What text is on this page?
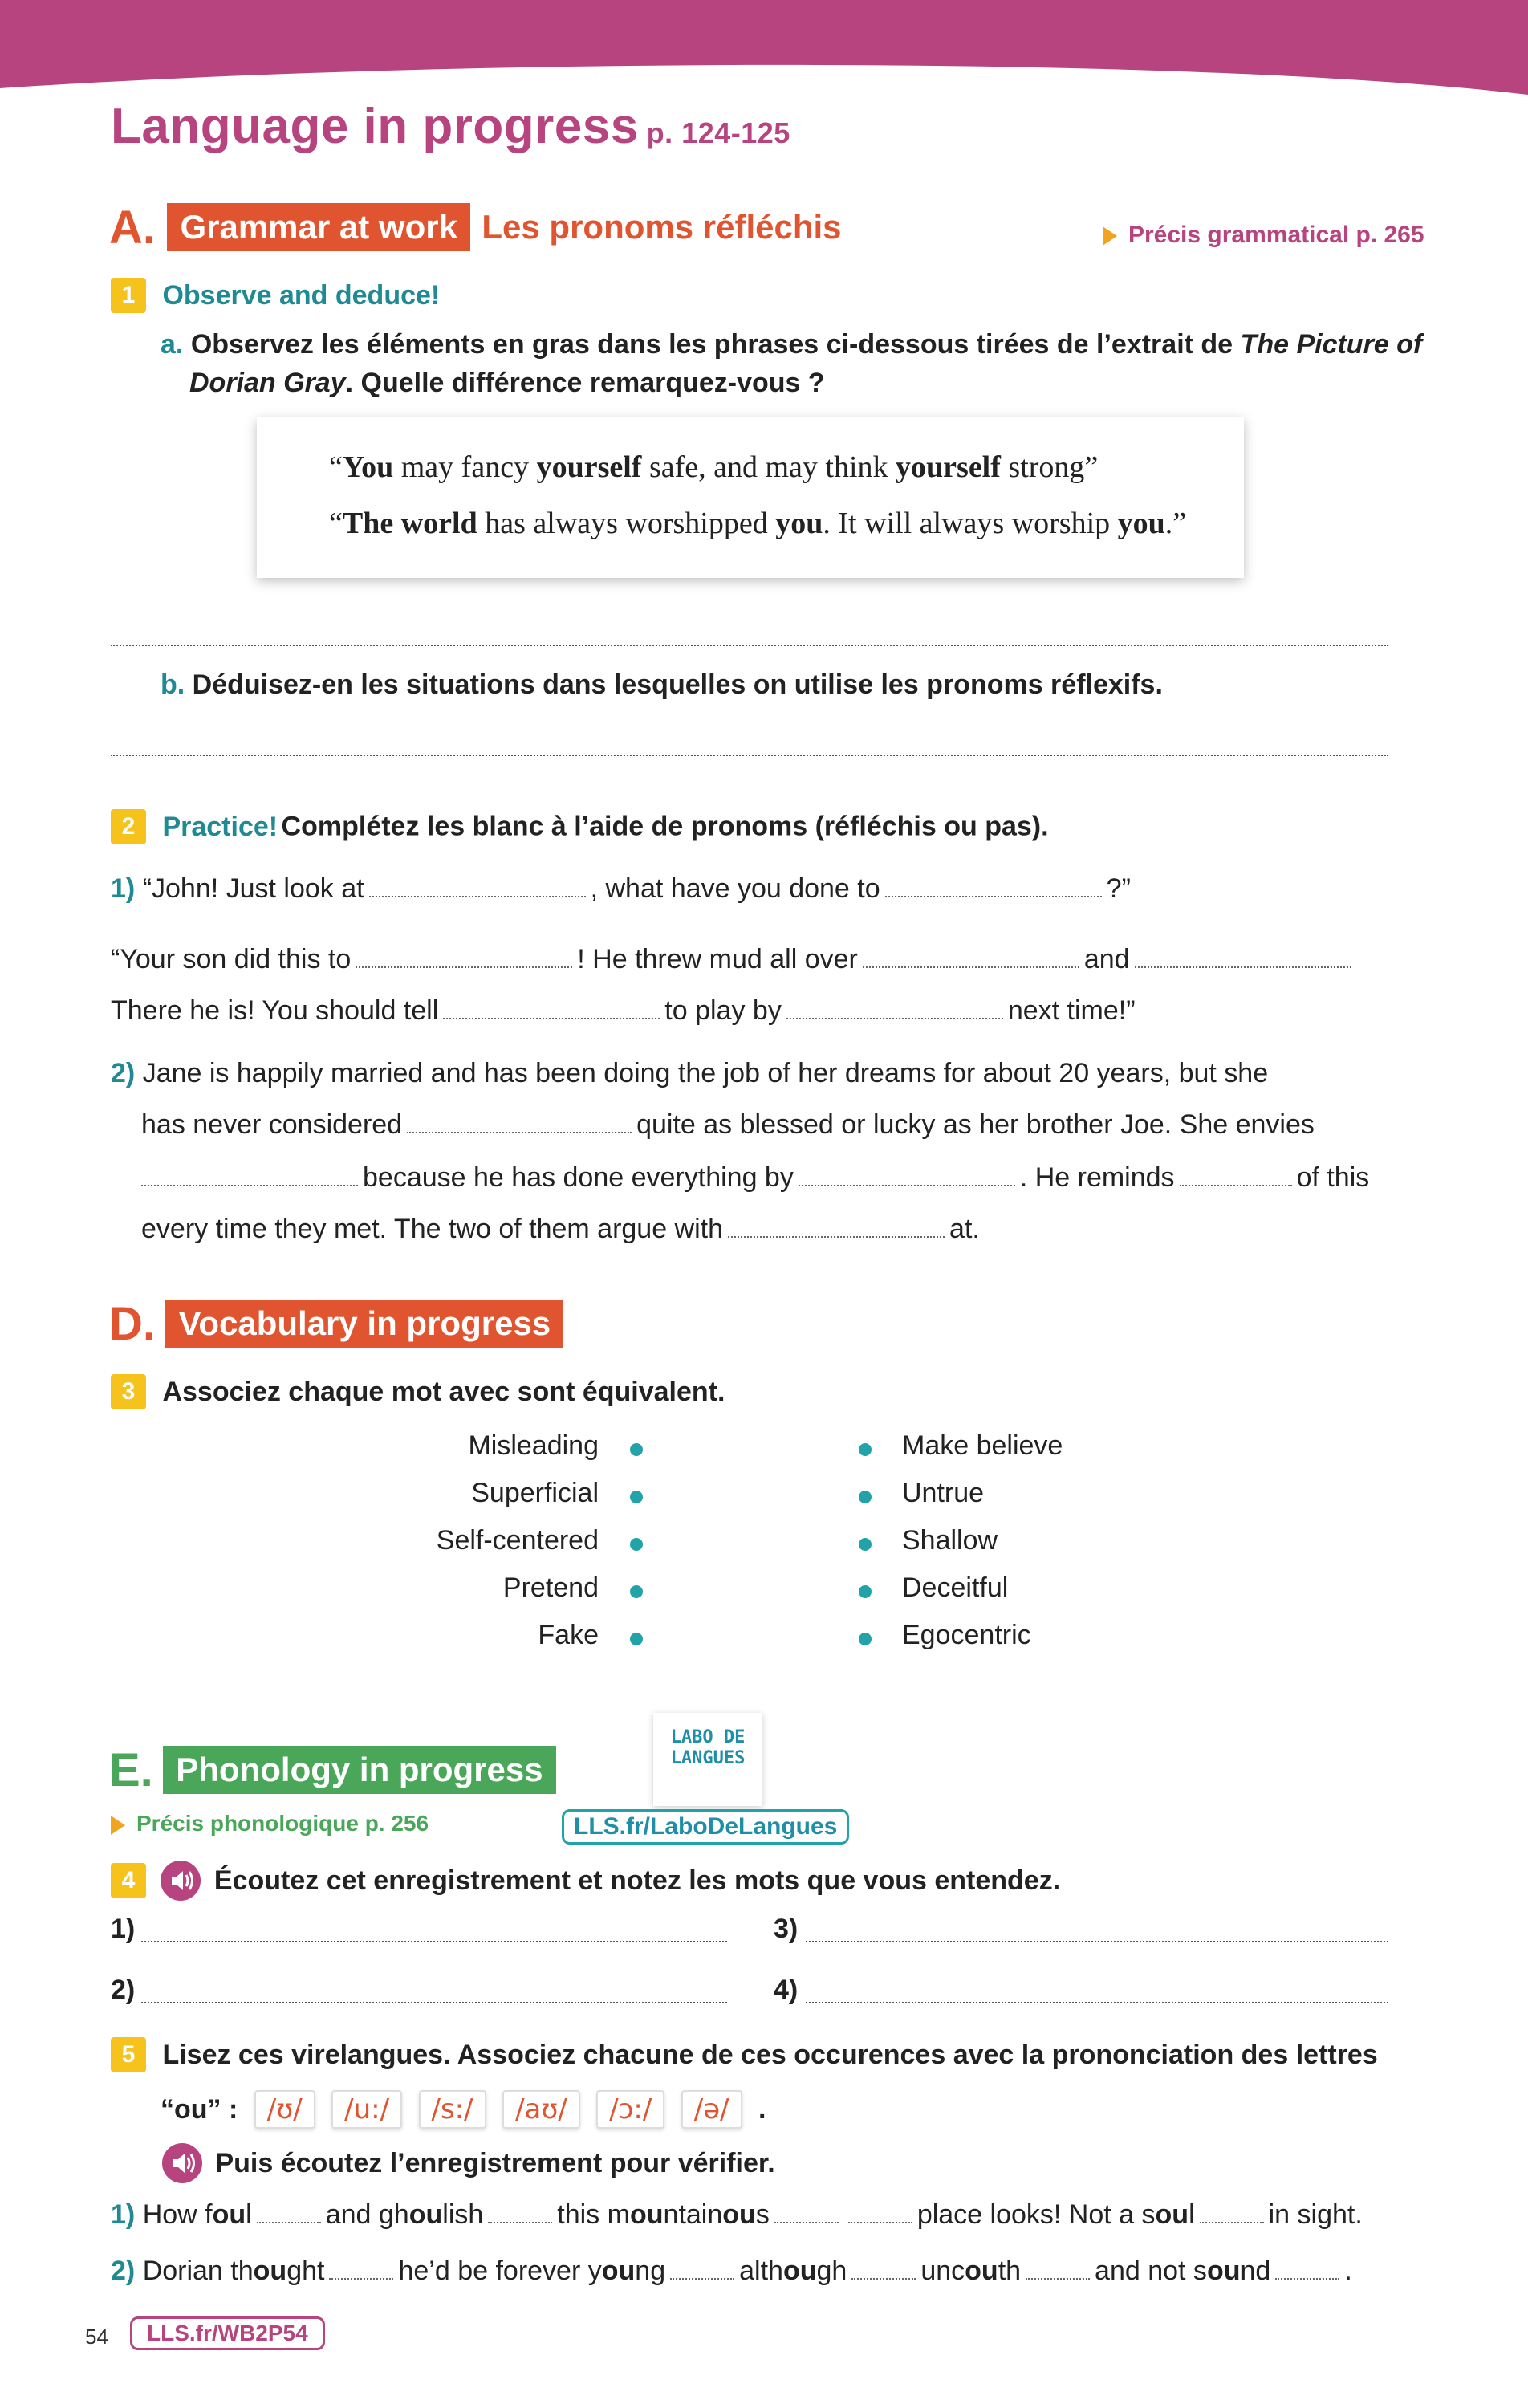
Language in progress p. 124-125
A. Grammar at work Les pronoms réfléchis	Précis grammatical p. 265
1 Observe and deduce!
a. Observez les éléments en gras dans les phrases ci-dessous tirées de l’extrait de The Picture of
Dorian Gray. Quelle différence remarquez-vous ?
“You may fancy yourself safe, and may think yourself strong”
“The world has always worshipped you. It will always worship you.”
b. Déduisez-en les situations dans lesquelles on utilise les pronoms réflexifs.
2 Practice! Complétez les blanc à l’aide de pronoms (réfléchis ou pas).
1) “John! Just look at	, what have you done to	?”
“Your son did this to	! He threw mud all over	and
There he is! You should tell	to play by	next time!”
2) Jane is happily married and has been doing the job of her dreams for about 20 years, but she
has never considered	quite as blessed or lucky as her brother Joe. She envies
because he has done everything by	. He reminds	of this
every time they met. The two of them argue with	at.
D. Vocabulary in progress
3 Associez chaque mot avec sont équivalent.
Misleading
Superficial
Self-centered
Pretend
Fake
Make believe
Untrue
Shallow
Deceitful
Egocentric
E. Phonology in progress
Précis phonologique p. 256
LABO DE
LANGUES
LLS.fr/LaboDeLangues
4	Écoutez cet enregistrement et notez les mots que vous entendez.
1)	3)
2)	4)
5 Lisez ces virelangues. Associez chacune de ces occurences avec la prononciation des lettres
“ou” : /ʊ/ /u:/ /s:/ /aʊ/ /ɔ:/ /ə/ .
Puis écoutez l’enregistrement pour vérifier.
1) How foul	and ghoulish	this mountainous	place looks! Not a soul	in sight.
2) Dorian thought	he’d be forever young	although	uncouth	and not sound	.
54	LLS.fr/WB2P54
